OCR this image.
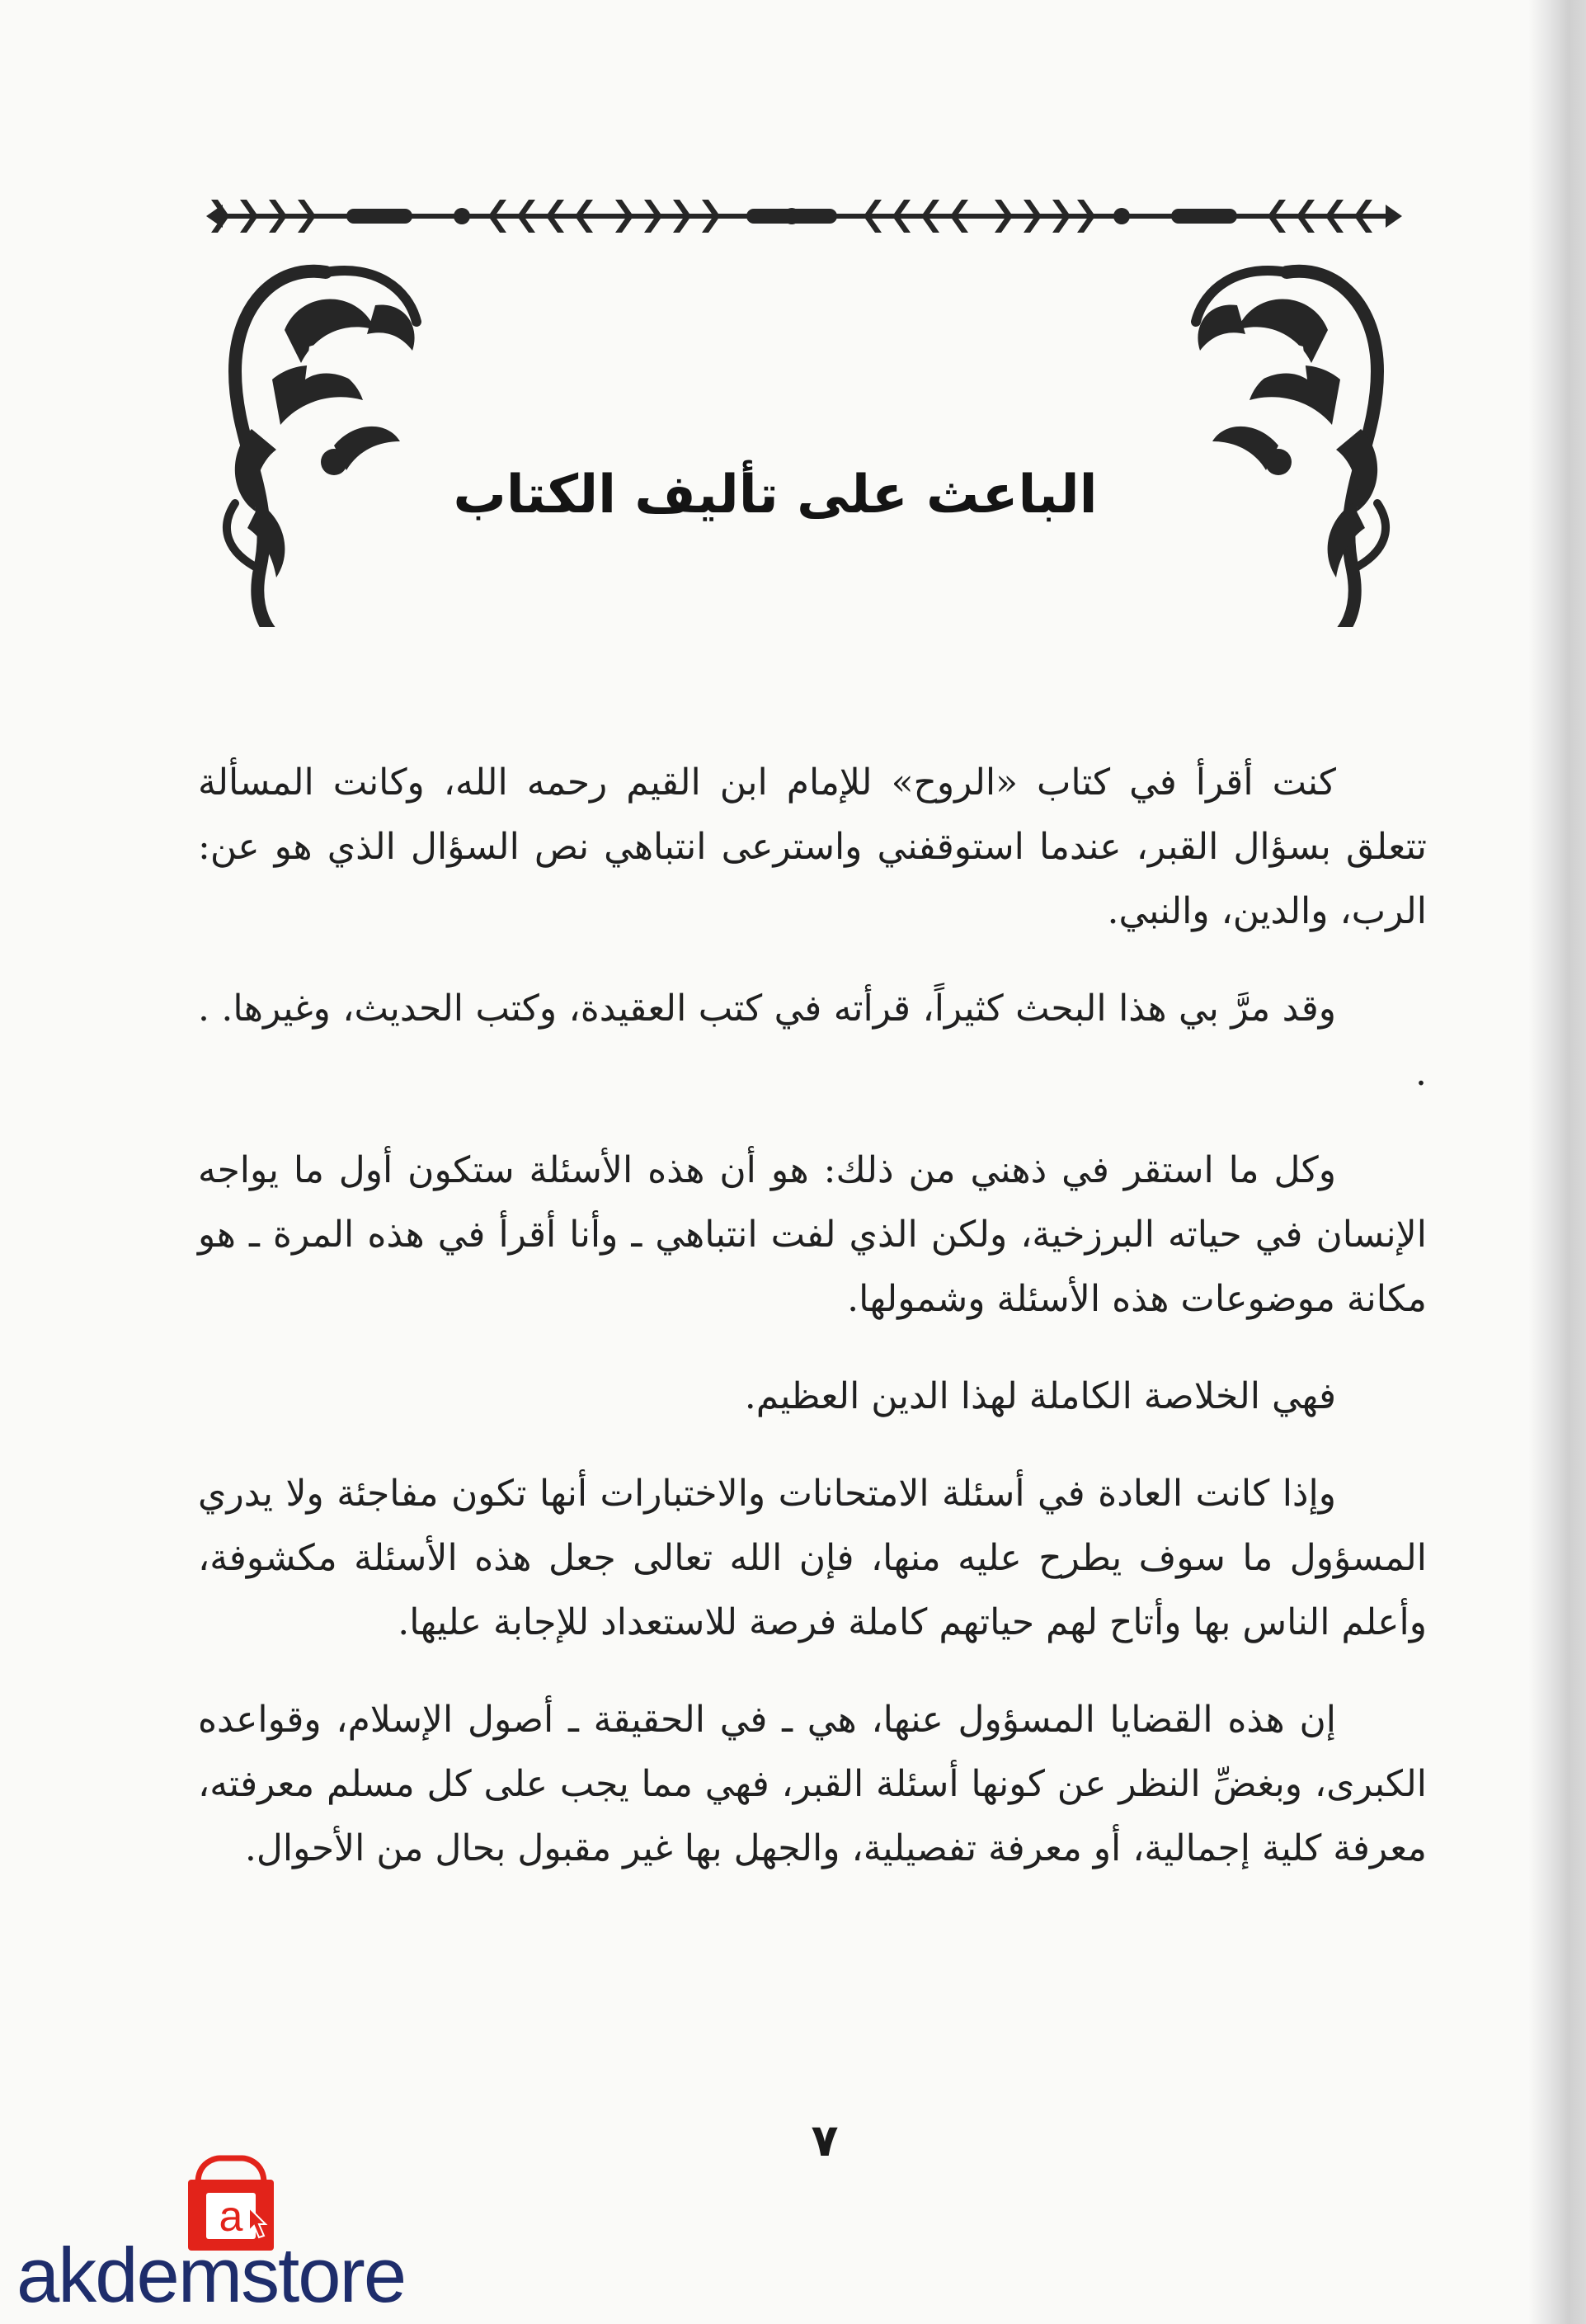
الباعث على تأليف الكتاب

كنت أقرأ في كتاب «الروح» للإمام ابن القيم رحمه الله، وكانت المسألة تتعلق بسؤال القبر، عندما استوقفني واسترعى انتباهي نص السؤال الذي هو عن: الرب، والدين، والنبي.

وقد مرَّ بي هذا البحث كثيراً، قرأته في كتب العقيدة، وكتب الحديث، وغيرها. . .

وكل ما استقر في ذهني من ذلك: هو أن هذه الأسئلة ستكون أول ما يواجه الإنسان في حياته البرزخية، ولكن الذي لفت انتباهي ـ وأنا أقرأ في هذه المرة ـ هو مكانة موضوعات هذه الأسئلة وشمولها.

فهي الخلاصة الكاملة لهذا الدين العظيم.

وإذا كانت العادة في أسئلة الامتحانات والاختبارات أنها تكون مفاجئة ولا يدري المسؤول ما سوف يطرح عليه منها، فإن الله تعالى جعل هذه الأسئلة مكشوفة، وأعلم الناس بها وأتاح لهم حياتهم كاملة فرصة للاستعداد للإجابة عليها.

إن هذه القضايا المسؤول عنها، هي ـ في الحقيقة ـ أصول الإسلام، وقواعده الكبرى، وبغضِّ النظر عن كونها أسئلة القبر، فهي مما يجب على كل مسلم معرفته، معرفة كلية إجمالية، أو معرفة تفصيلية، والجهل بها غير مقبول بحال من الأحوال.

٧
a
akdemstore
